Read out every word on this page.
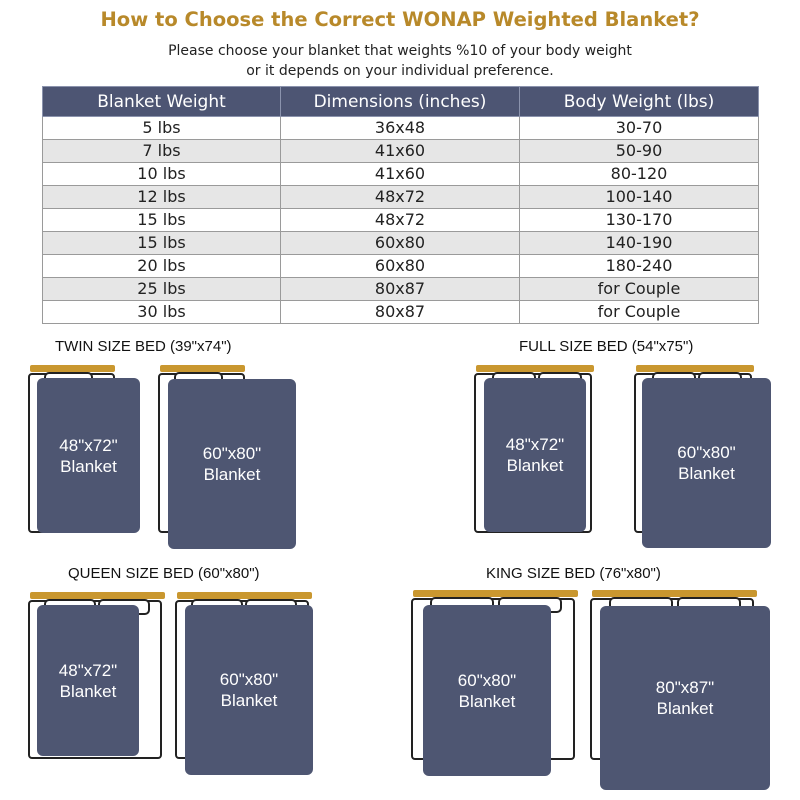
How to Choose the Correct WONAP Weighted Blanket?
Please choose your blanket that weights %10 of your body weight
or it depends on your individual preference.
Blanket Weight	Dimensions (inches)	Body Weight (lbs)
5 lbs	36x48	30-70
7 lbs	41x60	50-90
10 lbs	41x60	80-120
12 lbs	48x72	100-140
15 lbs	48x72	130-170
15 lbs	60x80	140-190
20 lbs	60x80	180-240
25 lbs	80x87	for Couple
30 lbs	80x87	for Couple
TWIN SIZE BED (39"x74")
48"x72"
Blanket
60"x80"
Blanket
FULL SIZE BED (54"x75")
48"x72"
Blanket
60"x80"
Blanket
QUEEN SIZE BED (60"x80")
48"x72"
Blanket
60"x80"
Blanket
KING SIZE BED (76"x80")
60"x80"
Blanket
80"x87"
Blanket
